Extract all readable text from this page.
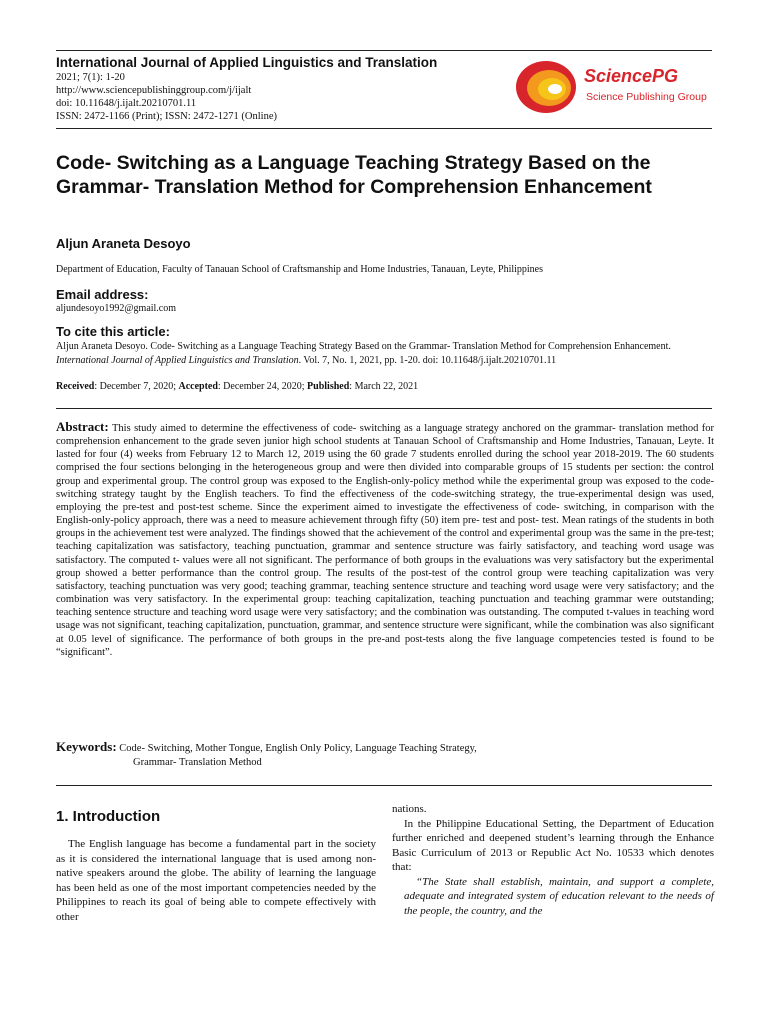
International Journal of Applied Linguistics and Translation
2021; 7(1): 1-20
http://www.sciencepublishinggroup.com/j/ijalt
doi: 10.11648/j.ijalt.20210701.11
ISSN: 2472-1166 (Print); ISSN: 2472-1271 (Online)
SciencePG
Science Publishing Group
Code- Switching as a Language Teaching Strategy Based on the Grammar- Translation Method for Comprehension Enhancement
Aljun Araneta Desoyo
Department of Education, Faculty of Tanauan School of Craftsmanship and Home Industries, Tanauan, Leyte, Philippines
Email address:
aljundesoyo1992@gmail.com
To cite this article:
Aljun Araneta Desoyo. Code- Switching as a Language Teaching Strategy Based on the Grammar- Translation Method for Comprehension Enhancement. International Journal of Applied Linguistics and Translation. Vol. 7, No. 1, 2021, pp. 1-20. doi: 10.11648/j.ijalt.20210701.11
Received: December 7, 2020; Accepted: December 24, 2020; Published: March 22, 2021
Abstract: This study aimed to determine the effectiveness of code- switching as a language strategy anchored on the grammar- translation method for comprehension enhancement to the grade seven junior high school students at Tanauan School of Craftsmanship and Home Industries, Tanauan, Leyte. It lasted for four (4) weeks from February 12 to March 12, 2019 using the 60 grade 7 students enrolled during the school year 2018-2019. The 60 students comprised the four sections belonging in the heterogeneous group and were then divided into comparable groups of 15 students per section: the control group and experimental group. The control group was exposed to the English-only-policy method while the experimental group was exposed to the code- switching strategy taught by the English teachers. To find the effectiveness of the code-switching strategy, the true-experimental design was used, employing the pre-test and post-test scheme. Since the experiment aimed to investigate the effectiveness of code- switching, in comparison with the English-only-policy approach, there was a need to measure achievement through fifty (50) item pre- test and post- test. Mean ratings of the students in both groups in the achievement test were analyzed. The findings showed that the achievement of the control and experimental group was the same in the pre-test; teaching capitalization was satisfactory, teaching punctuation, grammar and sentence structure was fairly satisfactory, and teaching word usage was satisfactory. The computed t- values were all not significant. The performance of both groups in the evaluations was very satisfactory but the experimental group showed a better performance than the control group. The results of the post-test of the control group were teaching capitalization was very satisfactory, teaching punctuation was very good; teaching grammar, teaching sentence structure and teaching word usage were very satisfactory; and the combination was very satisfactory. In the experimental group: teaching capitalization, teaching punctuation and teaching grammar were outstanding; teaching sentence structure and teaching word usage were very satisfactory; and the combination was outstanding. The computed t-values in teaching word usage was not significant, teaching capitalization, punctuation, grammar, and sentence structure were significant, while the combination was also significant at 0.05 level of significance. The performance of both groups in the pre-and post-tests along the five language competencies tested is found to be “significant”.
Keywords: Code- Switching, Mother Tongue, English Only Policy, Language Teaching Strategy,
Grammar- Translation Method
1. Introduction

The English language has become a fundamental part in the society as it is considered the international language that is used among non-native speakers around the globe. The ability of learning the language has been held as one of the most important competencies needed by the Philippines to reach its goal of being able to compete effectively with other

nations.

In the Philippine Educational Setting, the Department of Education further enriched and deepened student’s learning through the Enhance Basic Curriculum of 2013 or Republic Act No. 10533 which denotes that:

“The State shall establish, maintain, and support a complete, adequate and integrated system of education relevant to the needs of the people, the country, and the
